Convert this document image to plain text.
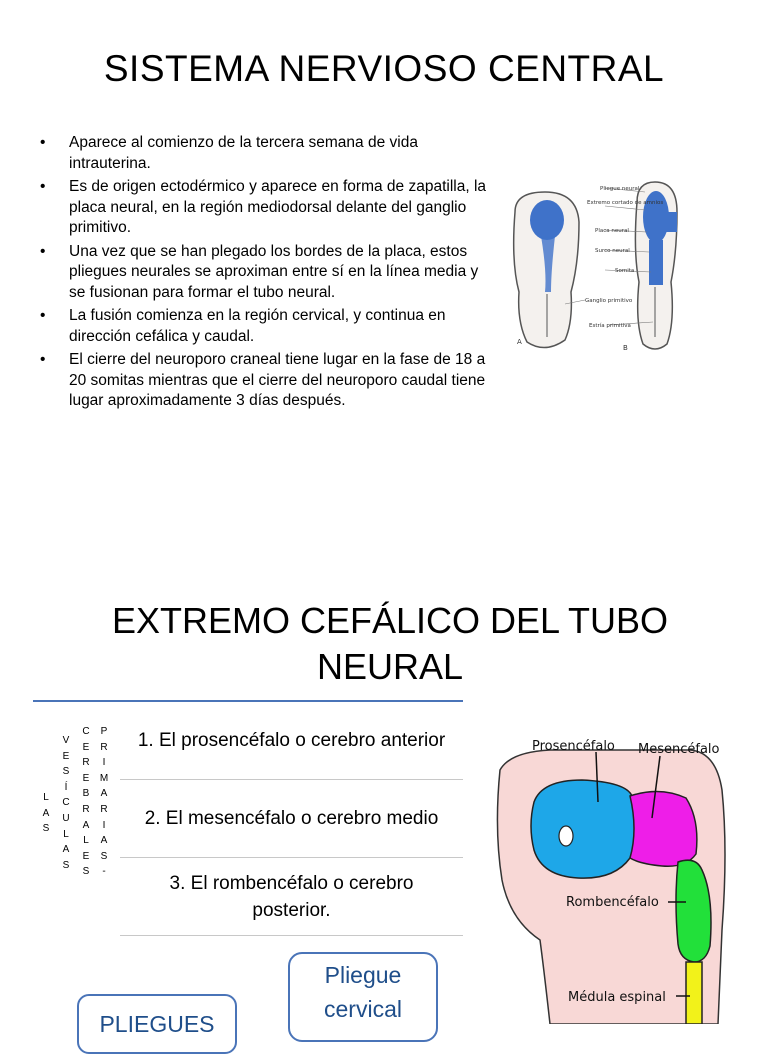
SISTEMA NERVIOSO CENTRAL
• Aparece al comienzo de la tercera semana de vida intrauterina.
• Es de origen ectodérmico y aparece en forma de zapatilla, la placa neural, en la región mediodorsal delante del ganglio primitivo.
• Una vez que se han plegado los bordes de la placa, estos pliegues neurales se aproximan entre sí en la línea media y se fusionan para formar el tubo neural.
• La fusión comienza en la región cervical, y continua en dirección cefálica y caudal.
• El cierre del neuroporo craneal tiene lugar en la fase de 18 a 20 somitas mientras que el cierre del neuroporo caudal tiene lugar aproximadamente 3 días después.
Pliegue neural
Extremo cortado de amnios
Placa neural
Surco neural
Somita
Ganglio primitivo
Estría primitiva
A
B
EXTREMO CEFÁLICO DEL TUBO
NEURAL
L
A
S
V
E
S
Í
C
U
L
A
S
C
E
R
E
B
R
A
L
E
S
P
R
I
M
A
R
I
A
S
-
1. El prosencéfalo o cerebro anterior
2. El mesencéfalo o cerebro medio
3. El rombencéfalo o cerebro posterior.
Prosencéfalo Mesencéfalo
Rombencéfalo
Médula espinal
Pliegue
cervical
PLIEGUES
